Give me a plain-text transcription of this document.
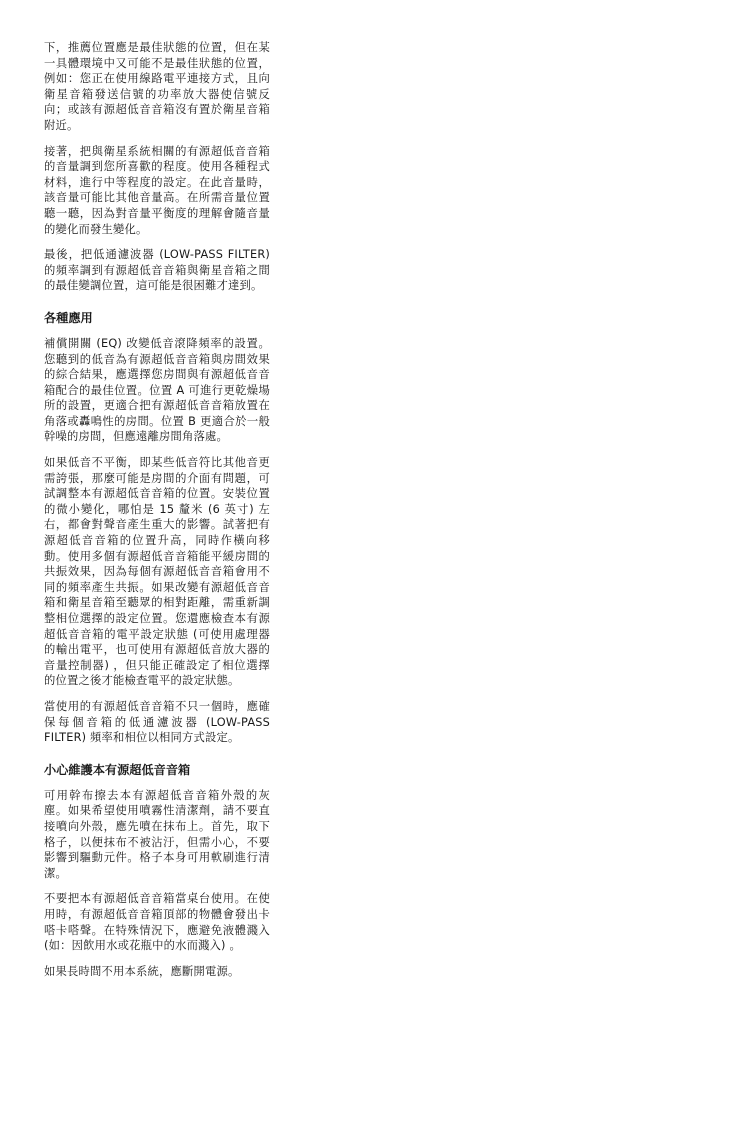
下，推薦位置應是最佳狀態的位置，但在某一具體環境中又可能不是最佳狀態的位置，例如：您正在使用線路電平連接方式，且向衛星音箱發送信號的功率放大器使信號反向；或該有源超低音音箱沒有置於衛星音箱附近。

接著，把與衛星系統相關的有源超低音音箱的音量調到您所喜歡的程度。使用各種程式材料，進行中等程度的設定。在此音量時，該音量可能比其他音量高。在所需音量位置聽一聽，因為對音量平衡度的理解會隨音量的變化而發生變化。

最後，把低通濾波器 (LOW-PASS FILTER) 的頻率調到有源超低音音箱與衛星音箱之間的最佳變調位置，這可能是很困難才達到。

各種應用

補償開關 (EQ) 改變低音滾降頻率的設置。您聽到的低音為有源超低音音箱與房間效果的綜合結果，應選擇您房間與有源超低音音箱配合的最佳位置。位置 A 可進行更乾燥場所的設置，更適合把有源超低音音箱放置在角落或轟鳴性的房間。位置 B 更適合於一般幹噪的房間，但應遠離房間角落處。

如果低音不平衡，即某些低音符比其他音更需誇張，那麼可能是房間的介面有問題，可試調整本有源超低音音箱的位置。安裝位置的微小變化，哪怕是 15 釐米 (6 英寸) 左右，都會對聲音產生重大的影響。試著把有源超低音音箱的位置升高，同時作橫向移動。使用多個有源超低音音箱能平緩房間的共振效果，因為每個有源超低音音箱會用不同的頻率產生共振。如果改變有源超低音音箱和衛星音箱至聽眾的相對距離，需重新調整相位選擇的設定位置。您還應檢查本有源超低音音箱的電平設定狀態 (可使用處理器的輸出電平，也可使用有源超低音放大器的音量控制器) ，但只能正確設定了相位選擇的位置之後才能檢查電平的設定狀態。

當使用的有源超低音音箱不只一個時，應確保每個音箱的低通濾波器 (LOW-PASS FILTER) 頻率和相位以相同方式設定。

小心維護本有源超低音音箱

可用幹布擦去本有源超低音音箱外殼的灰塵。如果希望使用噴霧性清潔劑，請不要直接噴向外殼，應先噴在抹布上。首先，取下格子，以便抹布不被沾汙，但需小心，不要影響到驅動元件。格子本身可用軟刷進行清潔。

不要把本有源超低音音箱當桌台使用。在使用時，有源超低音音箱頂部的物體會發出卡嗒卡嗒聲。在特殊情況下，應避免液體濺入 (如：因飲用水或花瓶中的水而濺入) 。

如果長時間不用本系統，應斷開電源。
